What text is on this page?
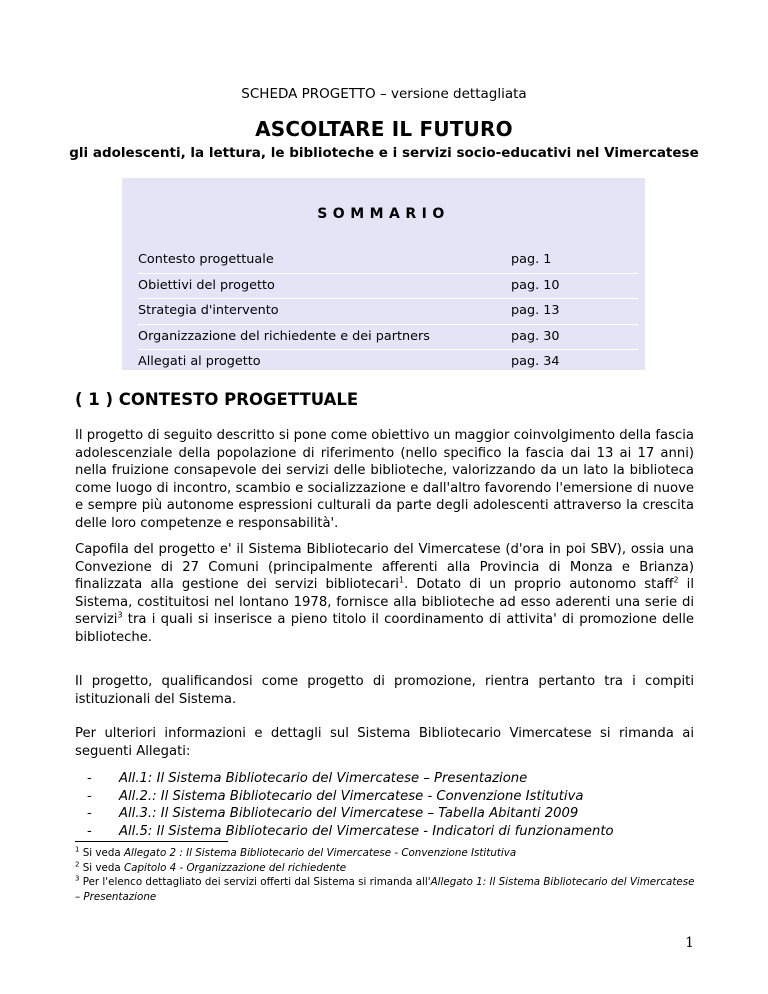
SCHEDA PROGETTO – versione dettagliata
ASCOLTARE IL FUTURO
gli adolescenti, la lettura, le biblioteche e i servizi socio-educativi nel Vimercatese
SOMMARIO
Contesto progettuale	pag. 1
Obiettivi del progetto	pag. 10
Strategia d'intervento	pag. 13
Organizzazione del richiedente e dei partners	pag. 30
Allegati al progetto	pag. 34
( 1 ) CONTESTO PROGETTUALE

Il progetto di seguito descritto si pone come obiettivo un maggior coinvolgimento della fascia adolescenziale della popolazione di riferimento (nello specifico la fascia dai 13 ai 17 anni) nella fruizione consapevole dei servizi delle biblioteche, valorizzando da un lato la biblioteca come luogo di incontro, scambio e socializzazione e dall'altro favorendo l'emersione di nuove e sempre più autonome espressioni culturali da parte degli adolescenti attraverso la crescita delle loro competenze e responsabilità'.

Capofila del progetto e' il Sistema Bibliotecario del Vimercatese (d'ora in poi SBV), ossia una Convezione di 27 Comuni (principalmente afferenti alla Provincia di Monza e Brianza) finalizzata alla gestione dei servizi bibliotecari$^1$. Dotato di un proprio autonomo staff$^2$ il Sistema, costituitosi nel lontano 1978, fornisce alla biblioteche ad esso aderenti una serie di servizi$^3$ tra i quali si inserisce a pieno titolo il coordinamento di attivita' di promozione delle biblioteche.

Il progetto, qualificandosi come progetto di promozione, rientra pertanto tra i compiti istituzionali del Sistema.

Per ulteriori informazioni e dettagli sul Sistema Bibliotecario Vimercatese si rimanda ai seguenti Allegati:

- All.1: Il Sistema Bibliotecario del Vimercatese – Presentazione
- All.2.: Il Sistema Bibliotecario del Vimercatese - Convenzione Istitutiva
- All.3.: Il Sistema Bibliotecario del Vimercatese – Tabella Abitanti 2009
- All.5: Il Sistema Bibliotecario del Vimercatese - Indicatori di funzionamento

$^1$ Si veda Allegato 2 : Il Sistema Bibliotecario del Vimercatese - Convenzione Istitutiva

$^2$ Si veda Capitolo 4 - Organizzazione del richiedente

$^3$ Per l'elenco dettagliato dei servizi offerti dal Sistema si rimanda all'Allegato 1: Il Sistema Bibliotecario del Vimercatese – Presentazione

1
